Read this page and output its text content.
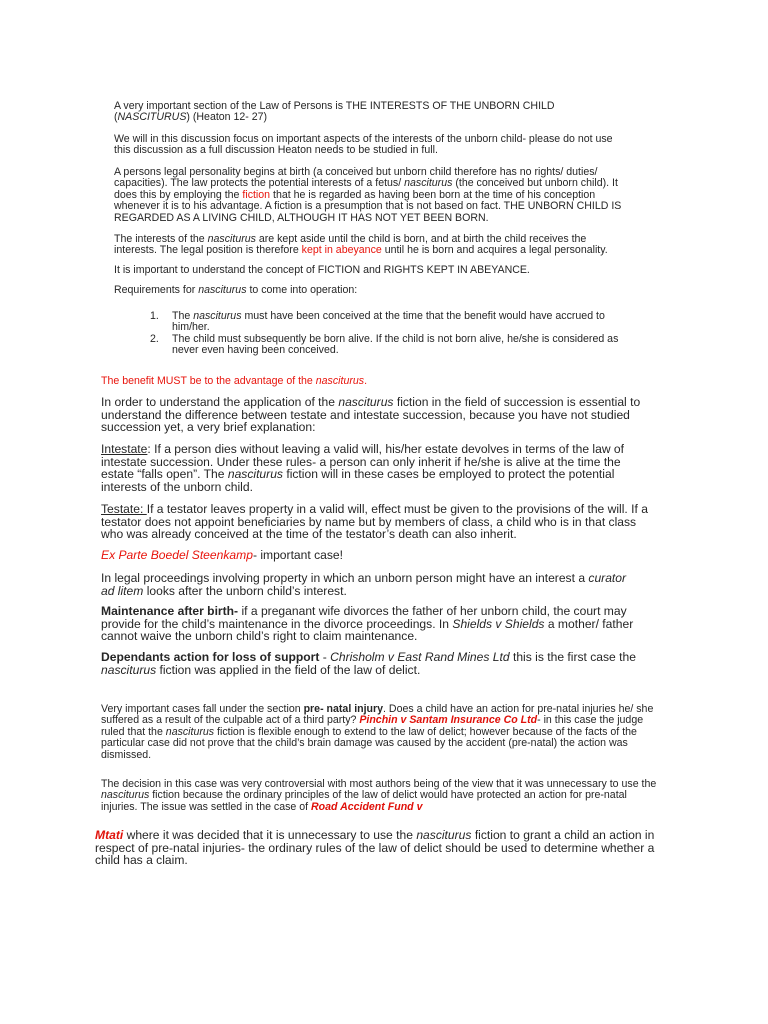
A very important section of the Law of Persons is THE INTERESTS OF THE UNBORN CHILD (NASCITURUS) (Heaton 12- 27)

We will in this discussion focus on important aspects of the interests of the unborn child- please do not use this discussion as a full discussion Heaton needs to be studied in full.

A persons legal personality begins at birth (a conceived but unborn child therefore has no rights/ duties/ capacities). The law protects the potential interests of a fetus/ nasciturus (the conceived but unborn child). It does this by employing the fiction that he is regarded as having been born at the time of his conception whenever it is to his advantage. A fiction is a presumption that is not based on fact. THE UNBORN CHILD IS REGARDED AS A LIVING CHILD, ALTHOUGH IT HAS NOT YET BEEN BORN.

The interests of the nasciturus are kept aside until the child is born, and at birth the child receives the interests. The legal position is therefore kept in abeyance until he is born and acquires a legal personality.

It is important to understand the concept of FICTION and RIGHTS KEPT IN ABEYANCE.

Requirements for nasciturus to come into operation:

1. The nasciturus must have been conceived at the time that the benefit would have accrued to him/her.
2. The child must subsequently be born alive. If the child is not born alive, he/she is considered as never even having been conceived.

The benefit MUST be to the advantage of the nasciturus.

In order to understand the application of the nasciturus fiction in the field of succession is essential to understand the difference between testate and intestate succession, because you have not studied succession yet, a very brief explanation:

Intestate: If a person dies without leaving a valid will, his/her estate devolves in terms of the law of intestate succession. Under these rules- a person can only inherit if he/she is alive at the time the estate “falls open”. The nasciturus fiction will in these cases be employed to protect the potential interests of the unborn child.

Testate: If a testator leaves property in a valid will, effect must be given to the provisions of the will. If a testator does not appoint beneficiaries by name but by members of class, a child who is in that class who was already conceived at the time of the testator’s death can also inherit.

Ex Parte Boedel Steenkamp- important case!

In legal proceedings involving property in which an unborn person might have an interest a curator ad litem looks after the unborn child’s interest.

Maintenance after birth- if a preganant wife divorces the father of her unborn child, the court may provide for the child’s maintenance in the divorce proceedings. In Shields v Shields a mother/ father cannot waive the unborn child’s right to claim maintenance.

Dependants action for loss of support - Chrisholm v East Rand Mines Ltd this is the first case the nasciturus fiction was applied in the field of the law of delict.

Very important cases fall under the section pre- natal injury. Does a child have an action for pre-natal injuries he/ she suffered as a result of the culpable act of a third party? Pinchin v Santam Insurance Co Ltd- in this case the judge ruled that the nasciturus fiction is flexible enough to extend to the law of delict; however because of the facts of the particular case did not prove that the child’s brain damage was caused by the accident (pre-natal) the action was dismissed.

The decision in this case was very controversial with most authors being of the view that it was unnecessary to use the nasciturus fiction because the ordinary principles of the law of delict would have protected an action for pre-natal injuries. The issue was settled in the case of Road Accident Fund v

Mtati where it was decided that it is unnecessary to use the nasciturus fiction to grant a child an action in respect of pre-natal injuries- the ordinary rules of the law of delict should be used to determine whether a child has a claim.
